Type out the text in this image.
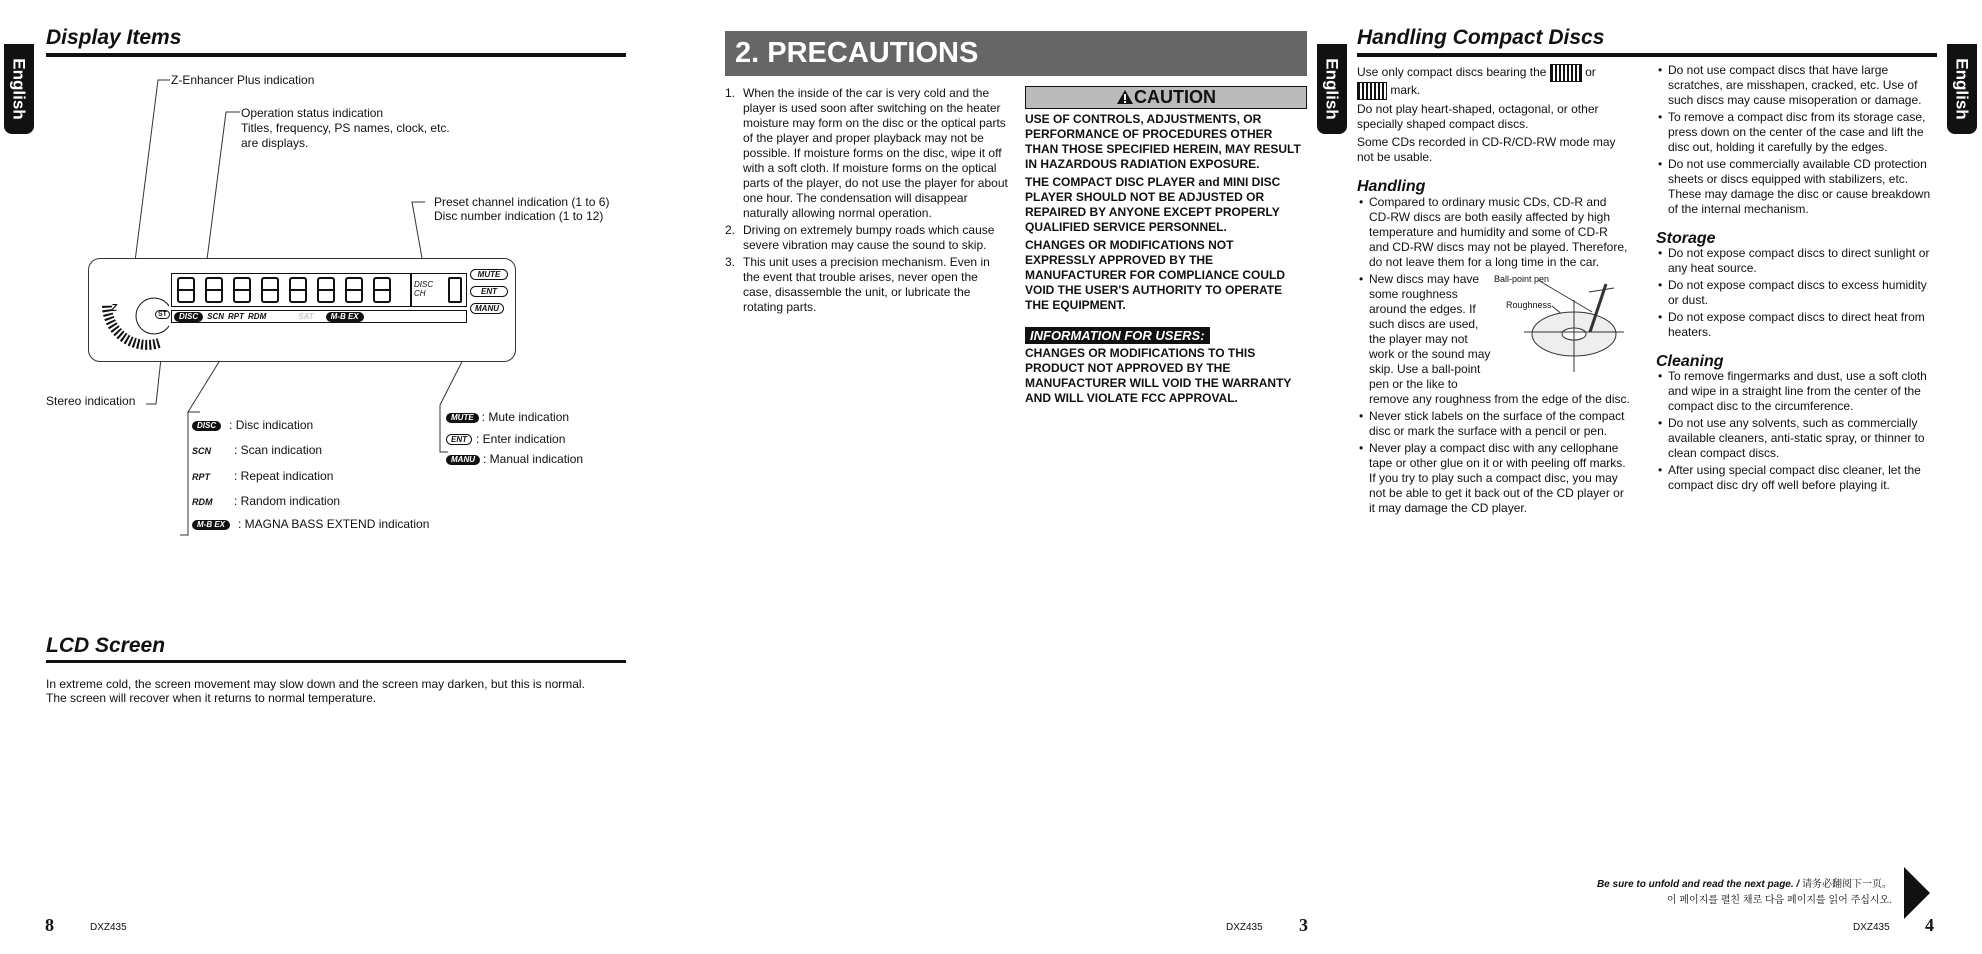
English
Display Items
Z-Enhancer Plus indication
Operation status indication
Titles, frequency, PS names, clock, etc.
are displays.
Preset channel indication (1 to 6)
Disc number indication (1 to 12)
Stereo indication
Z
DISC
CH
MUTE
ENT
MANU
DISC	SCN RPT RDM	SAT	M-B EX
ST
DISC : Disc indication
SCN : Scan indication
RPT : Repeat indication
RDM : Random indication
M-B EX : MAGNA BASS EXTEND indication
MUTE : Mute indication
ENT : Enter indication
MANU : Manual indication
LCD Screen
In extreme cold, the screen movement may slow down and the screen may darken, but this is normal.
The screen will recover when it returns to normal temperature.
8	DXZ435
2. PRECAUTIONS
1. When the inside of the car is very cold and the player is used soon after switching on the heater moisture may form on the disc or the optical parts of the player and proper playback may not be possible. If moisture forms on the disc, wipe it off with a soft cloth. If moisture forms on the optical parts of the player, do not use the player for about one hour. The condensation will disappear naturally allowing normal operation.
2. Driving on extremely bumpy roads which cause severe vibration may cause the sound to skip.
3. This unit uses a precision mechanism. Even in the event that trouble arises, never open the case, disassemble the unit, or lubricate the rotating parts.
CAUTION

USE OF CONTROLS, ADJUSTMENTS, OR PERFORMANCE OF PROCEDURES OTHER THAN THOSE SPECIFIED HEREIN, MAY RESULT IN HAZARDOUS RADIATION EXPOSURE.

THE COMPACT DISC PLAYER and MINI DISC PLAYER SHOULD NOT BE ADJUSTED OR REPAIRED BY ANYONE EXCEPT PROPERLY QUALIFIED SERVICE PERSONNEL.

CHANGES OR MODIFICATIONS NOT EXPRESSLY APPROVED BY THE MANUFACTURER FOR COMPLIANCE COULD VOID THE USER'S AUTHORITY TO OPERATE THE EQUIPMENT.

INFORMATION FOR USERS:

CHANGES OR MODIFICATIONS TO THIS PRODUCT NOT APPROVED BY THE MANUFACTURER WILL VOID THE WARRANTY AND WILL VIOLATE FCC APPROVAL.

DXZ435 3
English	English
Handling Compact Discs

Use only compact discs bearing the	or
mark.

Do not play heart-shaped, octagonal, or other specially shaped compact discs.

Some CDs recorded in CD-R/CD-RW mode may not be usable.

Handling
• Compared to ordinary music CDs, CD-R and CD-RW discs are both easily affected by high temperature and humidity and some of CD-R and CD-RW discs may not be played. Therefore, do not leave them for a long time in the car.
• Ball-point pen
Roughness
New discs may have some roughness around the edges. If such discs are used, the player may not work or the sound may skip. Use a ball-point pen or the like to remove any roughness from the edge of the disc.
• Never stick labels on the surface of the compact disc or mark the surface with a pencil or pen.
• Never play a compact disc with any cellophane tape or other glue on it or with peeling off marks. If you try to play such a compact disc, you may not be able to get it back out of the CD player or it may damage the CD player.
• Do not use compact discs that have large scratches, are misshapen, cracked, etc. Use of such discs may cause misoperation or damage.
• To remove a compact disc from its storage case, press down on the center of the case and lift the disc out, holding it carefully by the edges.
• Do not use commercially available CD protection sheets or discs equipped with stabilizers, etc. These may damage the disc or cause breakdown of the internal mechanism.
Storage
• Do not expose compact discs to direct sunlight or any heat source.
• Do not expose compact discs to excess humidity or dust.
• Do not expose compact discs to direct heat from heaters.
Cleaning
• To remove fingermarks and dust, use a soft cloth and wipe in a straight line from the center of the compact disc to the circumference.
• Do not use any solvents, such as commercially available cleaners, anti-static spray, or thinner to clean compact discs.
• After using special compact disc cleaner, let the compact disc dry off well before playing it.
Be sure to unfold and read the next page. / 请务必翻阅下一页。
이 페이지를 펼친 채로 다음 페이지를 읽어 주십시오.
DXZ435 4
